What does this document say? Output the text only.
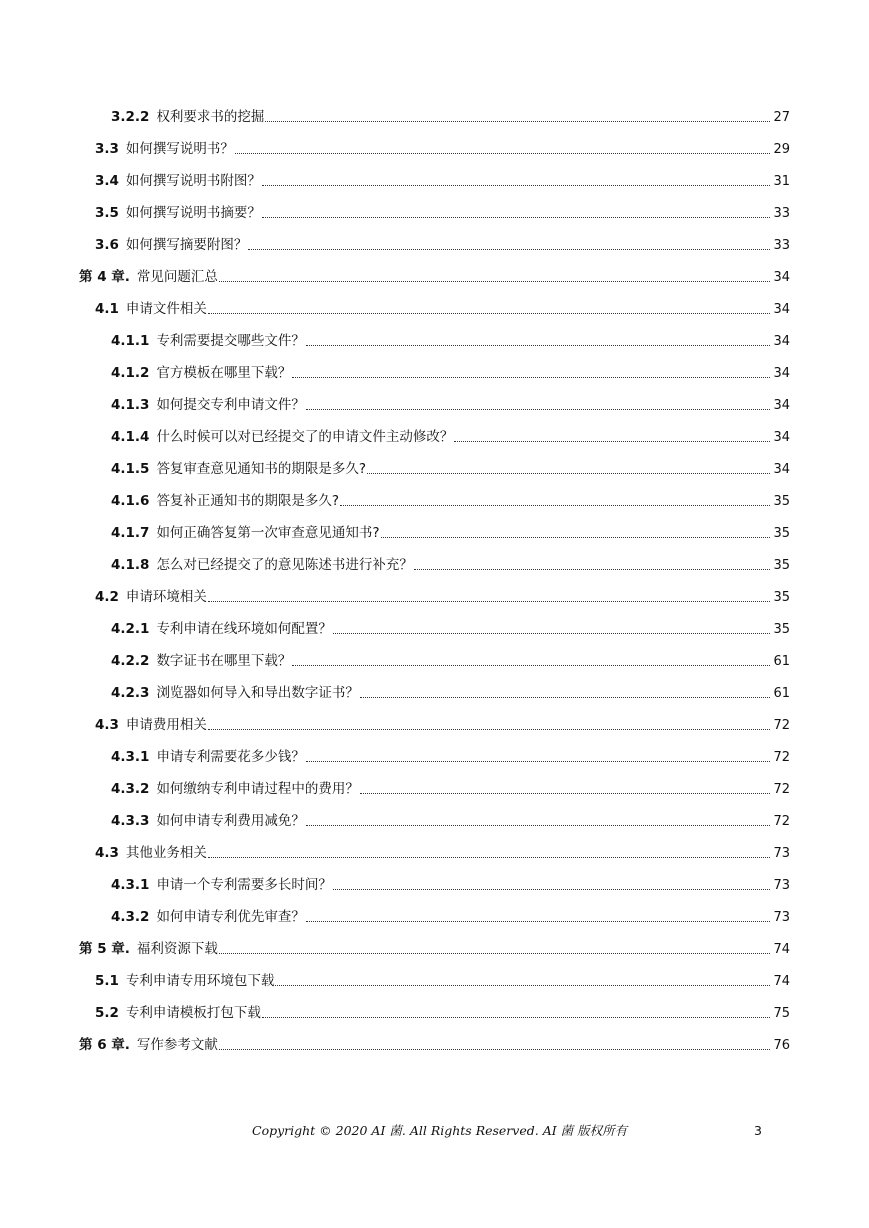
3.2.2 权利要求书的挖掘	27
3.3 如何撰写说明书？	29
3.4 如何撰写说明书附图？	31
3.5 如何撰写说明书摘要？	33
3.6 如何撰写摘要附图？	33
第 4 章. 常见问题汇总	34
4.1 申请文件相关	34
4.1.1 专利需要提交哪些文件？	34
4.1.2 官方模板在哪里下载？	34
4.1.3 如何提交专利申请文件？	34
4.1.4 什么时候可以对已经提交了的申请文件主动修改？	34
4.1.5 答复审查意见通知书的期限是多久?	34
4.1.6 答复补正通知书的期限是多久?	35
4.1.7 如何正确答复第一次审查意见通知书?	35
4.1.8 怎么对已经提交了的意见陈述书进行补充？	35
4.2 申请环境相关	35
4.2.1 专利申请在线环境如何配置？	35
4.2.2 数字证书在哪里下载？	61
4.2.3 浏览器如何导入和导出数字证书？	61
4.3 申请费用相关	72
4.3.1 申请专利需要花多少钱？	72
4.3.2 如何缴纳专利申请过程中的费用？	72
4.3.3 如何申请专利费用减免？	72
4.3 其他业务相关	73
4.3.1 申请一个专利需要多长时间？	73
4.3.2 如何申请专利优先审查？	73
第 5 章. 福利资源下载	74
5.1 专利申请专用环境包下载	74
5.2 专利申请模板打包下载	75
第 6 章. 写作参考文献	76
Copyright © 2020 AI 菌. All Rights Reserved. AI 菌 版权所有	3
